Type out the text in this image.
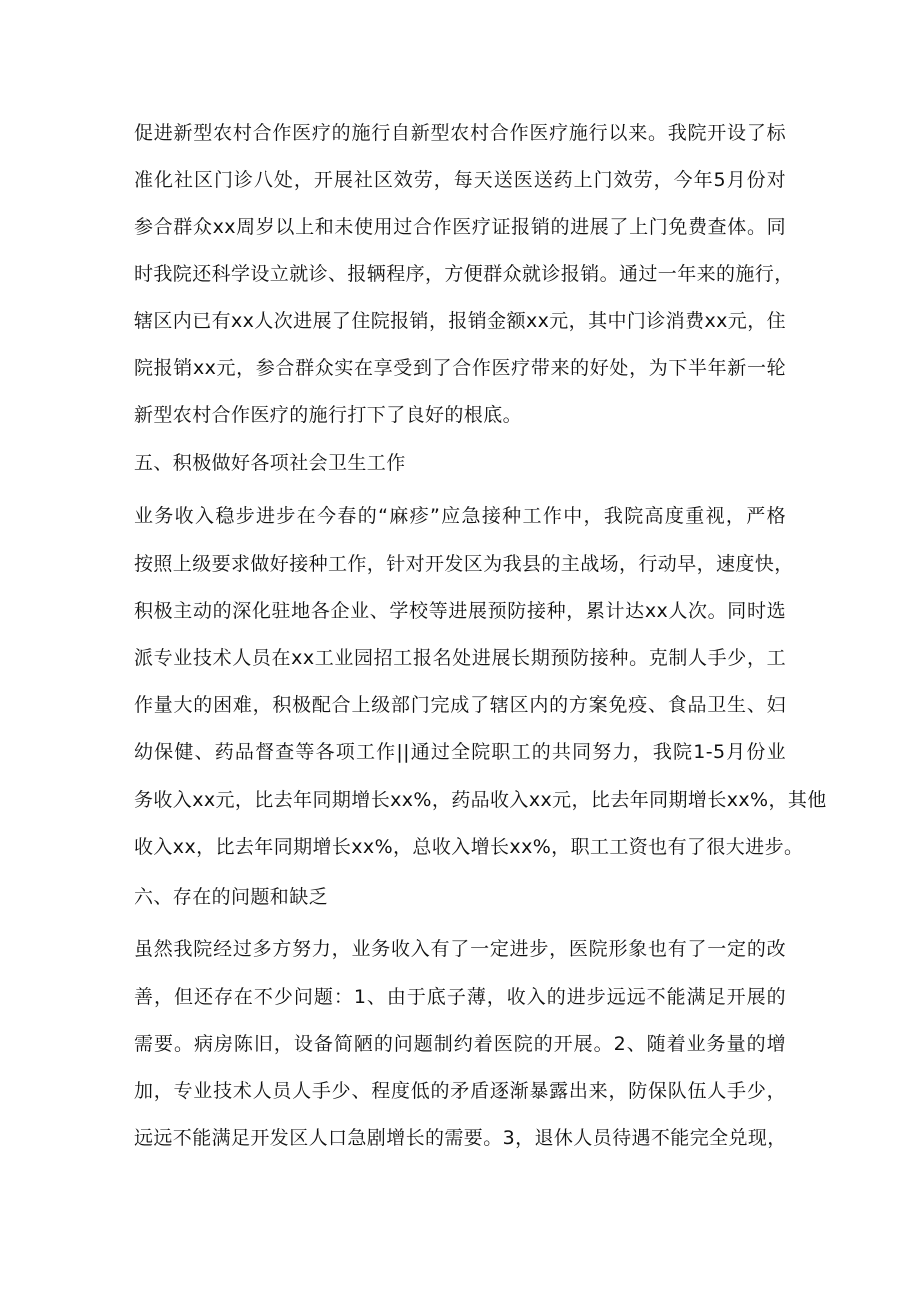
促进新型农村合作医疗的施行自新型农村合作医疗施行以来。我院开设了标
准化社区门诊八处，开展社区效劳，每天送医送药上门效劳，今年5月份对
参合群众xx周岁以上和未使用过合作医疗证报销的进展了上门免费查体。同
时我院还科学设立就诊、报辆程序，方便群众就诊报销。通过一年来的施行，
辖区内已有xx人次进展了住院报销，报销金额xx元，其中门诊消费xx元，住
院报销xx元，参合群众实在享受到了合作医疗带来的好处，为下半年新一轮
新型农村合作医疗的施行打下了良好的根底。
五、积极做好各项社会卫生工作
业务收入稳步进步在今春的“麻疹”应急接种工作中，我院高度重视，严格
按照上级要求做好接种工作，针对开发区为我县的主战场，行动早，速度快，
积极主动的深化驻地各企业、学校等进展预防接种，累计达xx人次。同时选
派专业技术人员在xx工业园招工报名处进展长期预防接种。克制人手少，工
作量大的困难，积极配合上级部门完成了辖区内的方案免疫、食品卫生、妇
幼保健、药品督查等各项工作||通过全院职工的共同努力，我院1-5月份业
务收入xx元，比去年同期增长xx%，药品收入xx元，比去年同期增长xx%，其他
收入xx，比去年同期增长xx%，总收入增长xx%，职工工资也有了很大进步。
六、存在的问题和缺乏
虽然我院经过多方努力，业务收入有了一定进步，医院形象也有了一定的改
善，但还存在不少问题：1、由于底子薄，收入的进步远远不能满足开展的
需要。病房陈旧，设备简陋的问题制约着医院的开展。2、随着业务量的增
加，专业技术人员人手少、程度低的矛盾逐渐暴露出来，防保队伍人手少，
远远不能满足开发区人口急剧增长的需要。3，退休人员待遇不能完全兑现，
